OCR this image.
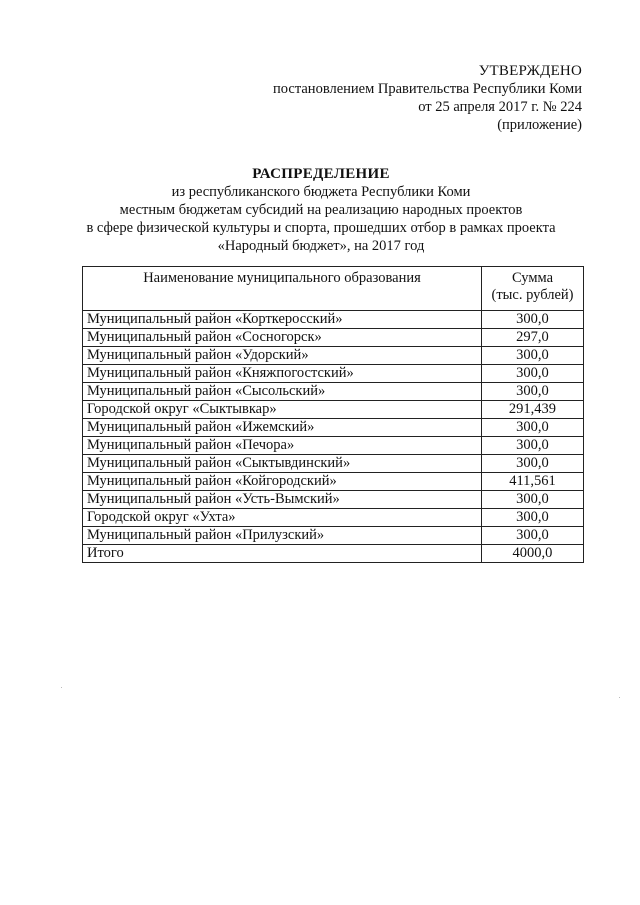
УТВЕРЖДЕНО
постановлением Правительства Республики Коми
от 25 апреля 2017 г. № 224
(приложение)
РАСПРЕДЕЛЕНИЕ
из республиканского бюджета Республики Коми
местным бюджетам субсидий на реализацию народных проектов
в сфере физической культуры и спорта, прошедших отбор в рамках проекта
«Народный бюджет», на 2017 год
Наименование муниципального образования	Сумма
(тыс. рублей)

Муниципальный район «Корткеросский»	300,0
Муниципальный район «Сосногорск»	297,0
Муниципальный район «Удорский»	300,0
Муниципальный район «Княжпогостский»	300,0
Муниципальный район «Сысольский»	300,0
Городской округ «Сыктывкар»	291,439
Муниципальный район «Ижемский»	300,0
Муниципальный район «Печора»	300,0
Муниципальный район «Сыктывдинский»	300,0
Муниципальный район «Койгородский»	411,561
Муниципальный район «Усть-Вымский»	300,0
Городской округ «Ухта»	300,0
Муниципальный район «Прилузский»	300,0
Итого	4000,0
